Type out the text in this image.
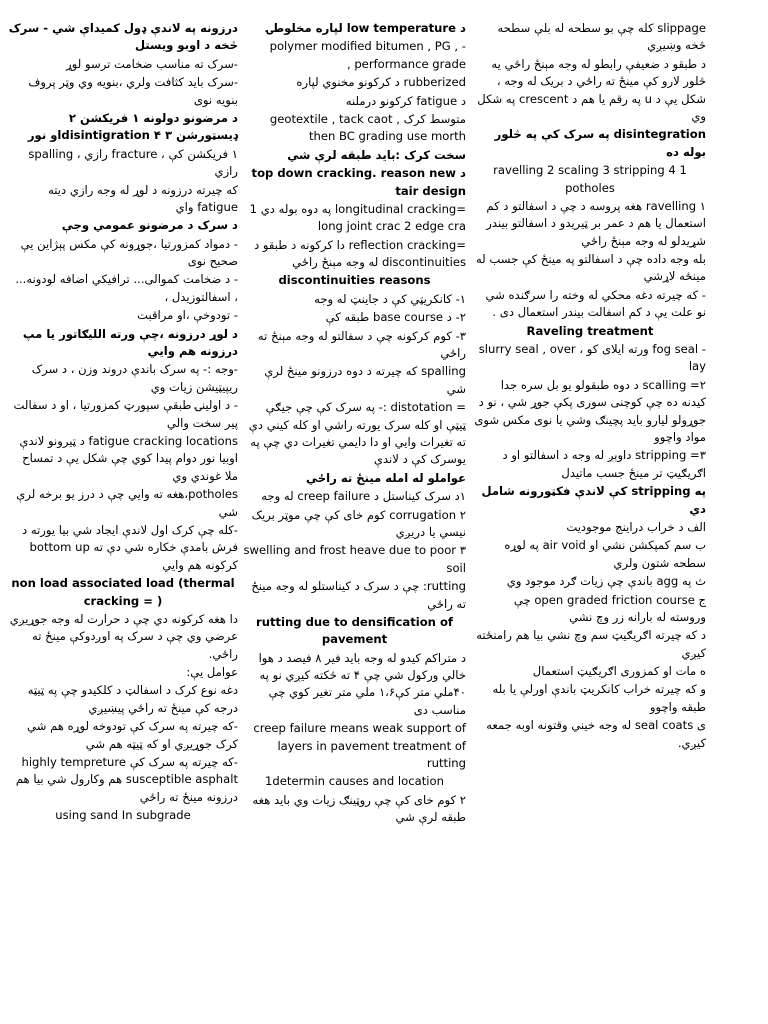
slippage کله چې بو سطحه له بلې سطحه څخه وښيږي

د طبقو د ضعيفې رابطو له وجه مېنځ راځي يه څلور لارو کې مينځ ته راځي د بريک له وجه ، شکل يې د u په رقم يا هم د crescent په شکل وي

disintegration په سرک کې په څلور بوله ده

1 ravelling 2 scaling 3 stripping 4 potholes

۱ ravelling هغه پروسه د چې د اسفالتو د کم استعمال يا هم د عمر بر ټيريدو د اسفالتو بيندر شړيدلو له وجه مېنځ راځي

بله وجه داده چې د اسفالتو په مينځ کې جسب له مينځه لاړشي

- که چيرته دغه محکي له وخته را سرګنده شي نو علت يې د کم اسفالت بيندر استعمال دی .

Raveling treatment

- fog seal ورته ايلای کو ، slurry seal , over lay

۲= scalling د دوه طبقولو يو بل سره جدا کيدنه ده چې کوچنی سوری پکې جوړ شي ، نو د جوړولو ليارو بايد پچينګ وشي يا نوی مکس شوی مواد واچوو

۳= stripping داوېږ له وجه د اسفالتو او د اګريګيټ تر مينځ جسب ماتيدل

په stripping کې لاندې فکټورونه شامل دي

الف د خراب دراينج موجوديت

ب سم کمپکشن نشي او air void په لوړه سطحه شتون ولري

ث په agg باندې چې زيات ګرد موجود وي

ج open graded friction course چې وروسته له بارانه زر وچ نشي

د که چيرته اګريګيټ سم وچ نشي بيا هم رامنځته کيږي

ه مات او کمزوری اګريګيټ استعمال

و که چيرته خراب کانکريټ باندې اورلې يا بله طبقه واچوو

ی seal coats له وجه خيني وقتونه اوبه جمعه کيږي.

د low temperature لپاره مخلوطۍ

- polymer modified bitumen , PG , performance grade ,

rubberized د کرکونو مخنوي لپاره

د fatigue کرکونو درملنه

متوسط کرک geotextile , tack caot , then BC grading use morth

سخت کرک :بايد طبقه لرې شي

د top down cracking. reason new tair design

=longitudinal cracking په دوه بوله دي 1 long joint crac 2 edge cra

=reflection cracking دا کرکونه د طبقو د discontinuities له وجه مېنځ راځي

discontinuities reasons

۱- کانکريټي کې د جاينټ له وجه

۲- د base course طبقه کې

۳- کوم کرکونه چې د سفالتو له وجه مېنځ ته راځي

spalling که چيرته د دوه درزونو مينځ لرې شي

= distotation :- په سرک کې چې جيګې ټيټې او کله سرک يورته راشي او کله کيني دې ته تغيرات وايي او دا دايمي تغيرات دي چې په يوسرک کې د لاندې

عواملو له امله مينځ ته راځي

۱د سرک کيناستل د creep failure له وجه

۲ corrugation کوم خای کې چې موټر بريک نيسي يا دريږي

۳ swelling and frost heave due to poor soil

rutting: چې د سرک د کيناستلو له وجه مينځ ته راځي

rutting due to densification of pavement

د متراکم کيدو له وجه بايد فير ۸ فيصد د هوا خالي ورکول شي چې ۴ ته څکته کيږي نو په ۴۰ملي متر کې۱،۶ ملي متر تغير کوي چې مناسب دی

creep failure means weak support of layers in pavement treatment of rutting

1determin causes and location

۲ کوم خای کې چې روټينګ زيات وي بايد هغه طبقه لرې شي

درزونه په لاندې ډول کميداې شي - سرک څخه د اوبو ويستل

-سرک ته مناسب ضخامت ترسو لوړ

-سرک بايد کثافت ولري ،بنويه وي وټر پروف بنويه نوی

د مرضونو دولونه ۱ فريکشن ۲ ډيسټورشن ۳ disintigration ۴او نور

۱ فريکشن کې ، fracture رازي ، spalling رازي

که چيرته درزونه د لوړ له وجه رازي ديته fatigue واي

د سرک د مرضونو عمومي وجې

- دمواد کمزورتيا ،جوړونه کې مکس پېژاين يې صحيح نوی

- د ضخامت کموالی... ترافيکي اضافه لودونه... ، اسفالتوزيدل ،

- تودوخې ،او مراقبت

د لوړ درزونه ،چې ورته الليګاتور يا مپ درزونه هم وايي

-وجه :- په سرک باندې دروند وزن ، د سرک ريپيټيشن زيات وي

- د اولينۍ طبقې سپورټ کمزورتيا ، او د سفالت پير سخت والي

fatigue cracking locations د ټيرونو لاندې اوبيا نور دوام پيدا کوي چې شکل يې د تمساح ملا غوندي وي

potholes،هغه ته وايي چې د درز يو برخه لرې شي

-کله چې کرک اول لاندې ايجاد شي بيا يورته د فرش بامدې خکاره شي دې ته bottom up کرکونه هم وايي

non load associated load (thermal cracking = )

دا هغه کرکونه دي چې د حرارت له وجه جوړيږي عرضي وي چې د سرک په اوږدوکې مينځ ته راځي.

عوامل يې:

دغه نوع کرک د اسفالټ د کلکيدو چې په ټيټه درجه کې مينځ ته راځي پيښيږي

-که چيرته په سرک کې تودوخه لوړه هم شي کرک جوړيږي او که ټيټه هم شي

-که چيرته په سرک کې highly tempreture susceptible asphalt هم وکارول شي بيا هم درزونه مينځ ته راځي

using sand In subgrade
